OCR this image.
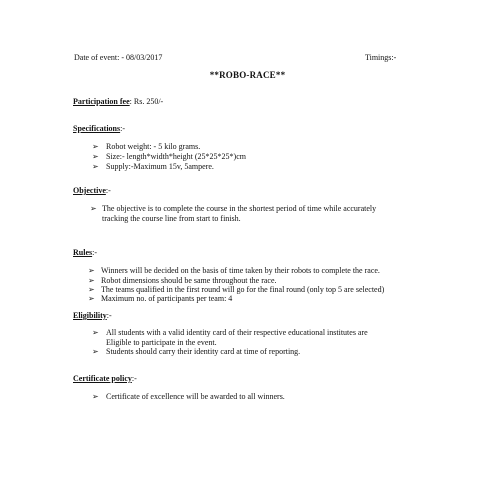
Date of event: - 08/03/2017	Timings:-
**ROBO-RACE**
Participation fee: Rs. 250/-
Specifications:-
➢ Robot weight: - 5 kilo grams.
➢ Size:- length*width*height (25*25*25*)cm
➢ Supply:-Maximum 15v, 5ampere.
Objective:-
➢ The objective is to complete the course in the shortest period of time while accurately
tracking the course line from start to finish.
Rules:-
➢ Winners will be decided on the basis of time taken by their robots to complete the race.
➢ Robot dimensions should be same throughout the race.
➢ The teams qualified in the first round will go for the final round (only top 5 are selected)
➢ Maximum no. of participants per team: 4
Eligibility:-
➢ All students with a valid identity card of their respective educational institutes are
Eligible to participate in the event.
➢ Students should carry their identity card at time of reporting.
Certificate policy:-
➢ Certificate of excellence will be awarded to all winners.
